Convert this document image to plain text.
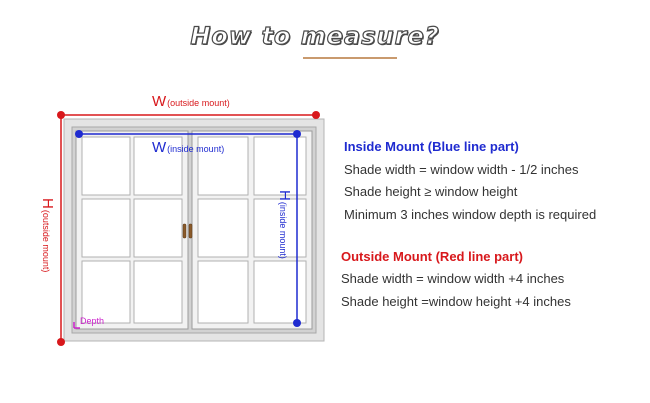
How to measure?
Depth
W(outside mount)
W(inside mount)
H(outside mount)
H(inside mount)
Inside Mount (Blue line part)
Shade width = window width - 1/2 inches
Shade height ≥ window height
Minimum 3 inches window depth is required
Outside Mount (Red line part)
Shade width = window width +4 inches
Shade height =window height +4 inches
